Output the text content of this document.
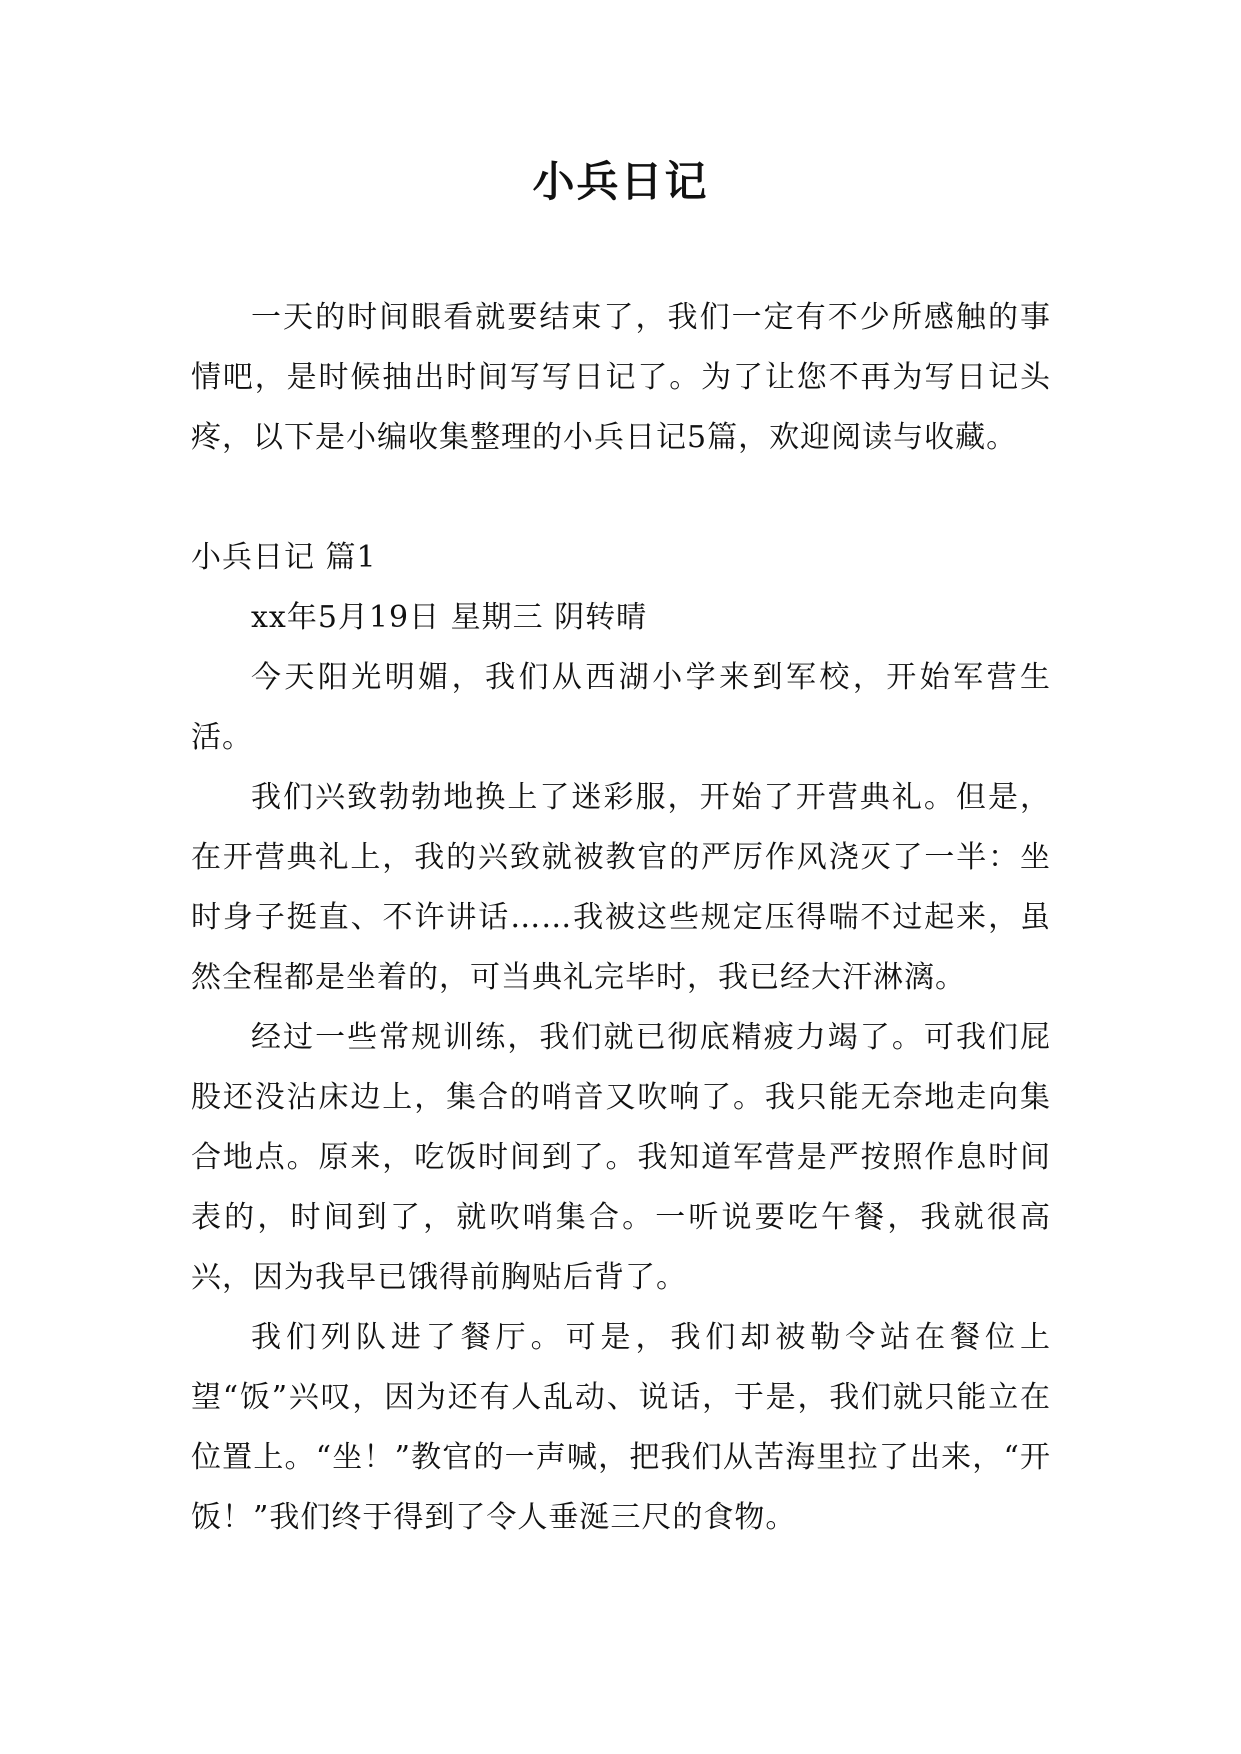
小兵日记

一天的时间眼看就要结束了，我们一定有不少所感触的事情吧，是时候抽出时间写写日记了。为了让您不再为写日记头疼，以下是小编收集整理的小兵日记5篇，欢迎阅读与收藏。

小兵日记 篇1

xx年5月19日 星期三 阴转晴

今天阳光明媚，我们从西湖小学来到军校，开始军营生活。

我们兴致勃勃地换上了迷彩服，开始了开营典礼。但是，在开营典礼上，我的兴致就被教官的严厉作风浇灭了一半：坐时身子挺直、不许讲话……我被这些规定压得喘不过起来，虽然全程都是坐着的，可当典礼完毕时，我已经大汗淋漓。

经过一些常规训练，我们就已彻底精疲力竭了。可我们屁股还没沾床边上，集合的哨音又吹响了。我只能无奈地走向集合地点。原来，吃饭时间到了。我知道军营是严按照作息时间表的，时间到了，就吹哨集合。一听说要吃午餐，我就很高兴，因为我早已饿得前胸贴后背了。

我们列队进了餐厅。可是，我们却被勒令站在餐位上望“饭”兴叹，因为还有人乱动、说话，于是，我们就只能立在位置上。“坐！”教官的一声喊，把我们从苦海里拉了出来，“开饭！”我们终于得到了令人垂涎三尺的食物。
